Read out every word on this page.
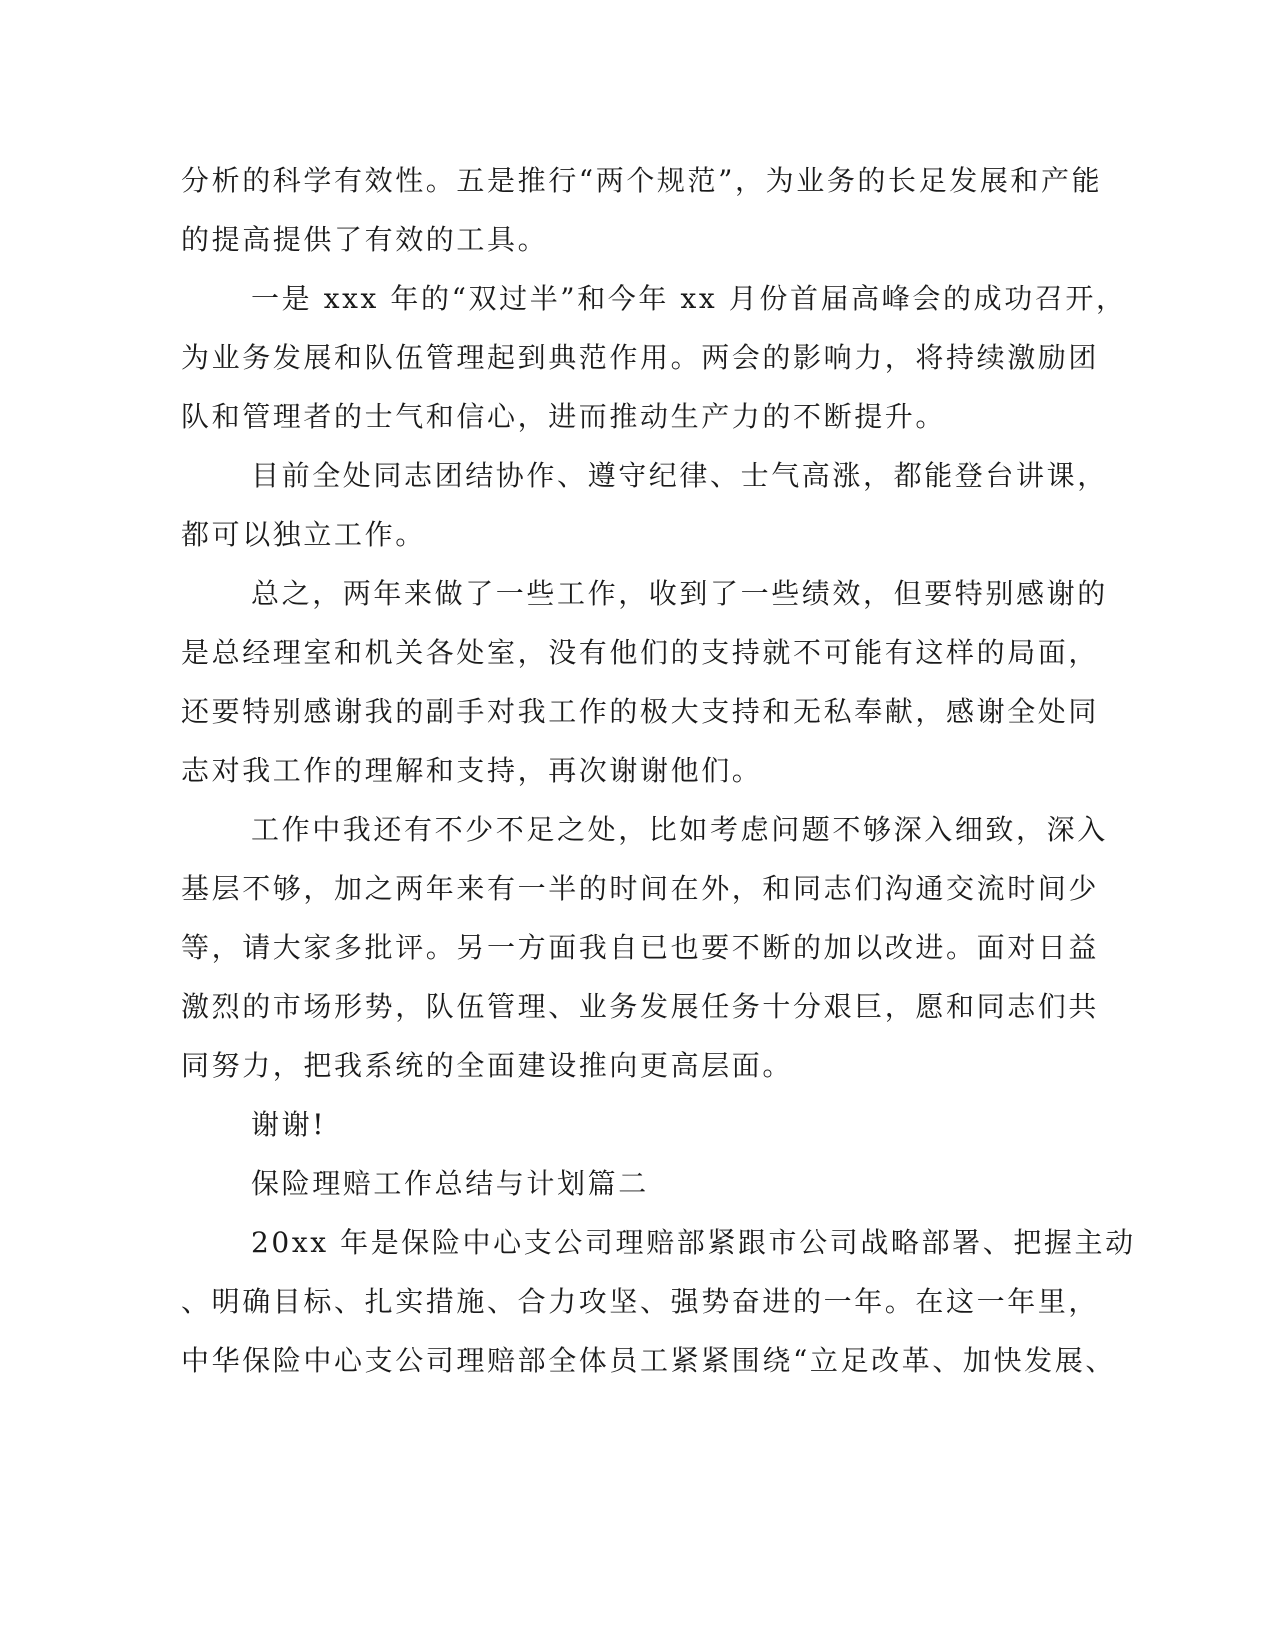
分析的科学有效性。五是推行“两个规范”，为业务的长足发展和产能
的提高提供了有效的工具。
一是 xxx 年的“双过半”和今年 xx 月份首届高峰会的成功召开，
为业务发展和队伍管理起到典范作用。两会的影响力，将持续激励团
队和管理者的士气和信心，进而推动生产力的不断提升。
目前全处同志团结协作、遵守纪律、士气高涨，都能登台讲课，
都可以独立工作。
总之，两年来做了一些工作，收到了一些绩效，但要特别感谢的
是总经理室和机关各处室，没有他们的支持就不可能有这样的局面，
还要特别感谢我的副手对我工作的极大支持和无私奉献，感谢全处同
志对我工作的理解和支持，再次谢谢他们。
工作中我还有不少不足之处，比如考虑问题不够深入细致，深入
基层不够，加之两年来有一半的时间在外，和同志们沟通交流时间少
等，请大家多批评。另一方面我自已也要不断的加以改进。面对日益
激烈的市场形势，队伍管理、业务发展任务十分艰巨，愿和同志们共
同努力，把我系统的全面建设推向更高层面。
谢谢!
保险理赔工作总结与计划篇二
20xx 年是保险中心支公司理赔部紧跟市公司战略部署、把握主动
、明确目标、扎实措施、合力攻坚、强势奋进的一年。在这一年里，
中华保险中心支公司理赔部全体员工紧紧围绕“立足改革、加快发展、
